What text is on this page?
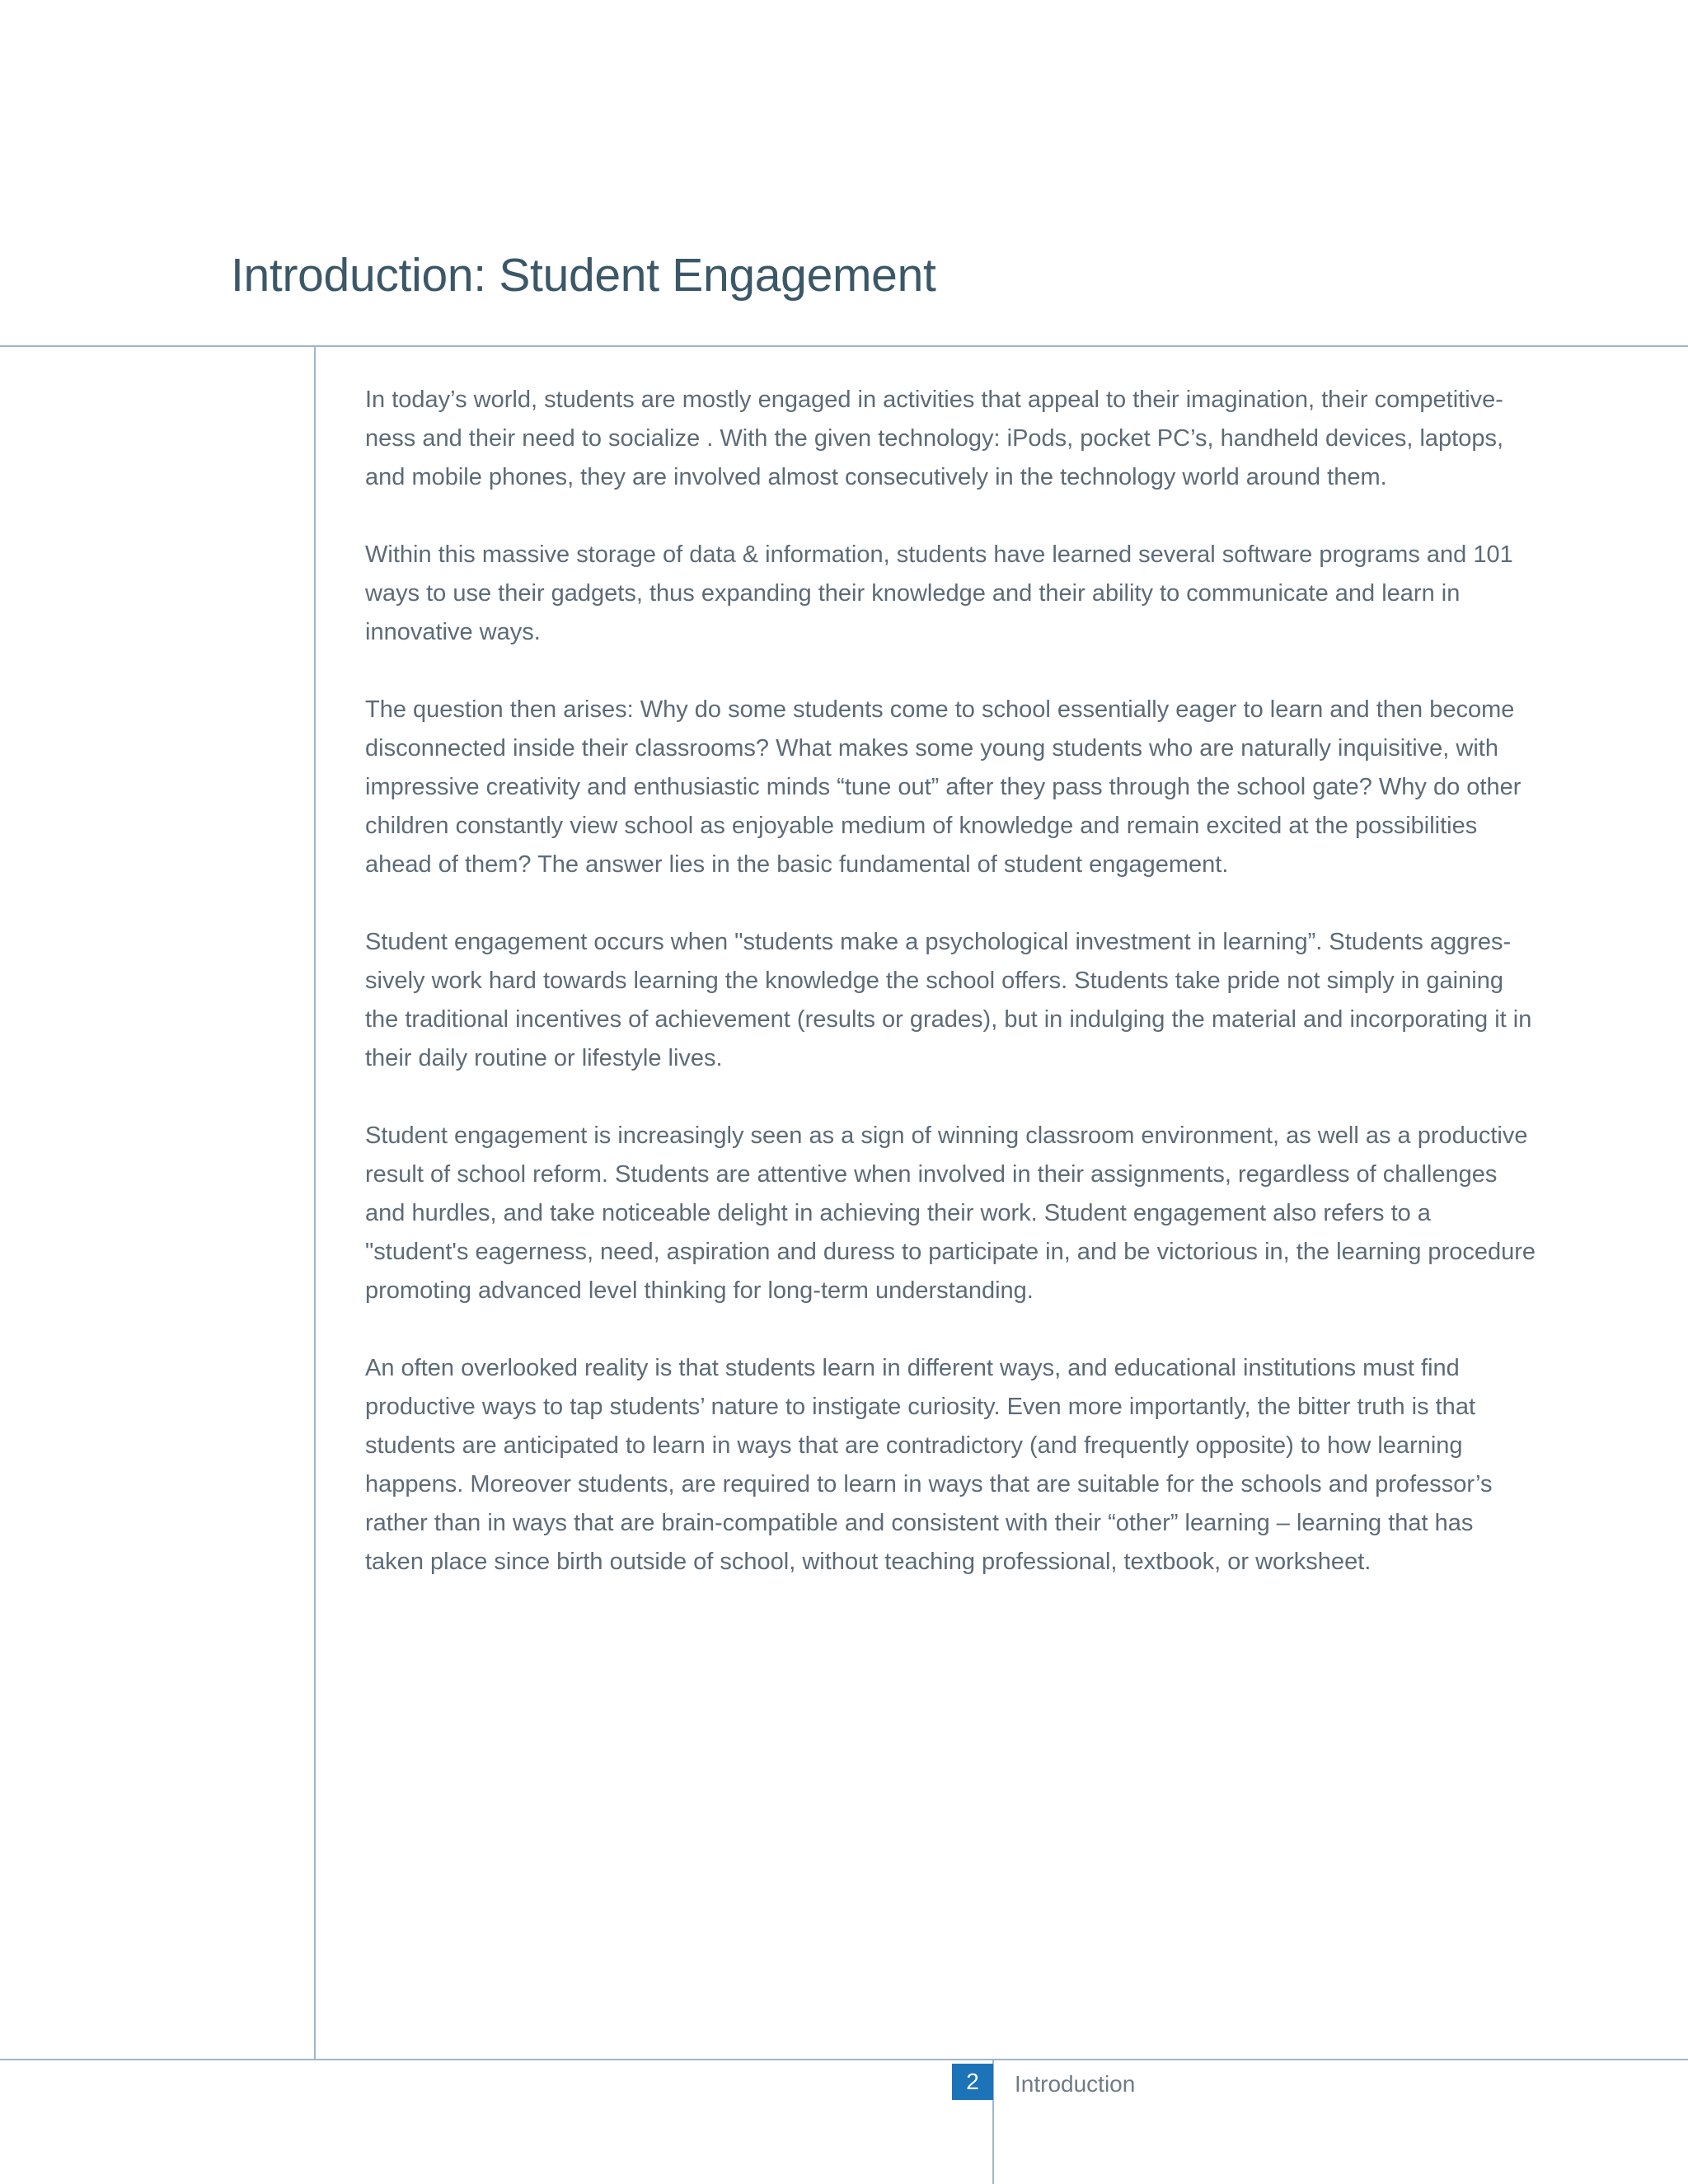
Introduction: Student Engagement

In today’s world, students are mostly engaged in activities that appeal to their imagination, their competitive-ness and their need to socialize . With the given technology: iPods, pocket PC’s, handheld devices, laptops, and mobile phones, they are involved almost consecutively in the technology world around them.

Within this massive storage of data & information, students have learned several software programs and 101 ways to use their gadgets, thus expanding their knowledge and their ability to communicate and learn in innovative ways.

The question then arises: Why do some students come to school essentially eager to learn and then become disconnected inside their classrooms? What makes some young students who are naturally inquisitive, with impressive creativity and enthusiastic minds “tune out” after they pass through the school gate? Why do other children constantly view school as enjoyable medium of knowledge and remain excited at the possibilities ahead of them? The answer lies in the basic fundamental of student engagement.

Student engagement occurs when "students make a psychological investment in learning”. Students aggres-sively work hard towards learning the knowledge the school offers. Students take pride not simply in gaining the traditional incentives of achievement (results or grades), but in indulging the material and incorporating it in their daily routine or lifestyle lives.

Student engagement is increasingly seen as a sign of winning classroom environment, as well as a productive result of school reform. Students are attentive when involved in their assignments, regardless of challenges and hurdles, and take noticeable delight in achieving their work. Student engagement also refers to a "student's eagerness, need, aspiration and duress to participate in, and be victorious in, the learning procedure promoting advanced level thinking for long-term understanding.

An often overlooked reality is that students learn in different ways, and educational institutions must find productive ways to tap students’ nature to instigate curiosity. Even more importantly, the bitter truth is that students are anticipated to learn in ways that are contradictory (and frequently opposite) to how learning happens. Moreover students, are required to learn in ways that are suitable for the schools and professor’s rather than in ways that are brain-compatible and consistent with their “other” learning – learning that has taken place since birth outside of school, without teaching professional, textbook, or worksheet.

2	Introduction
